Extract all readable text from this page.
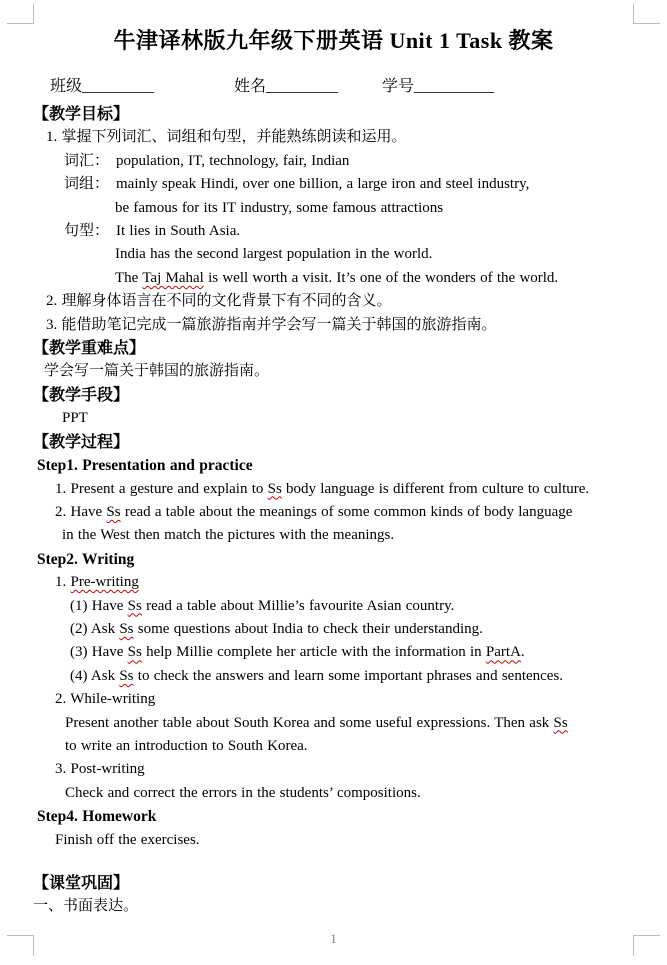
牛津译林版九年级下册英语 Unit 1 Task 教案
班级_________	姓名_________	学号__________
【教学目标】
1. 掌握下列词汇、词组和句型，并能熟练朗读和运用。
词汇： population, IT, technology, fair, Indian
词组： mainly speak Hindi, over one billion, a large iron and steel industry,
be famous for its IT industry, some famous attractions
句型： It lies in South Asia.
India has the second largest population in the world.
The Taj Mahal is well worth a visit. It’s one of the wonders of the world.
2. 理解身体语言在不同的文化背景下有不同的含义。
3. 能借助笔记完成一篇旅游指南并学会写一篇关于韩国的旅游指南。
【教学重难点】
学会写一篇关于韩国的旅游指南。
【教学手段】
PPT
【教学过程】
Step1. Presentation and practice
1. Present a gesture and explain to Ss body language is different from culture to culture.
2. Have Ss read a table about the meanings of some common kinds of body language
in the West then match the pictures with the meanings.
Step2. Writing
1. Pre-writing
(1) Have Ss read a table about Millie’s favourite Asian country.
(2) Ask Ss some questions about India to check their understanding.
(3) Have Ss help Millie complete her article with the information in PartA.
(4) Ask Ss to check the answers and learn some important phrases and sentences.
2. While-writing
Present another table about South Korea and some useful expressions. Then ask Ss
to write an introduction to South Korea.
3. Post-writing
Check and correct the errors in the students’ compositions.
Step4. Homework
Finish off the exercises.
【课堂巩固】
一、书面表达。
1
